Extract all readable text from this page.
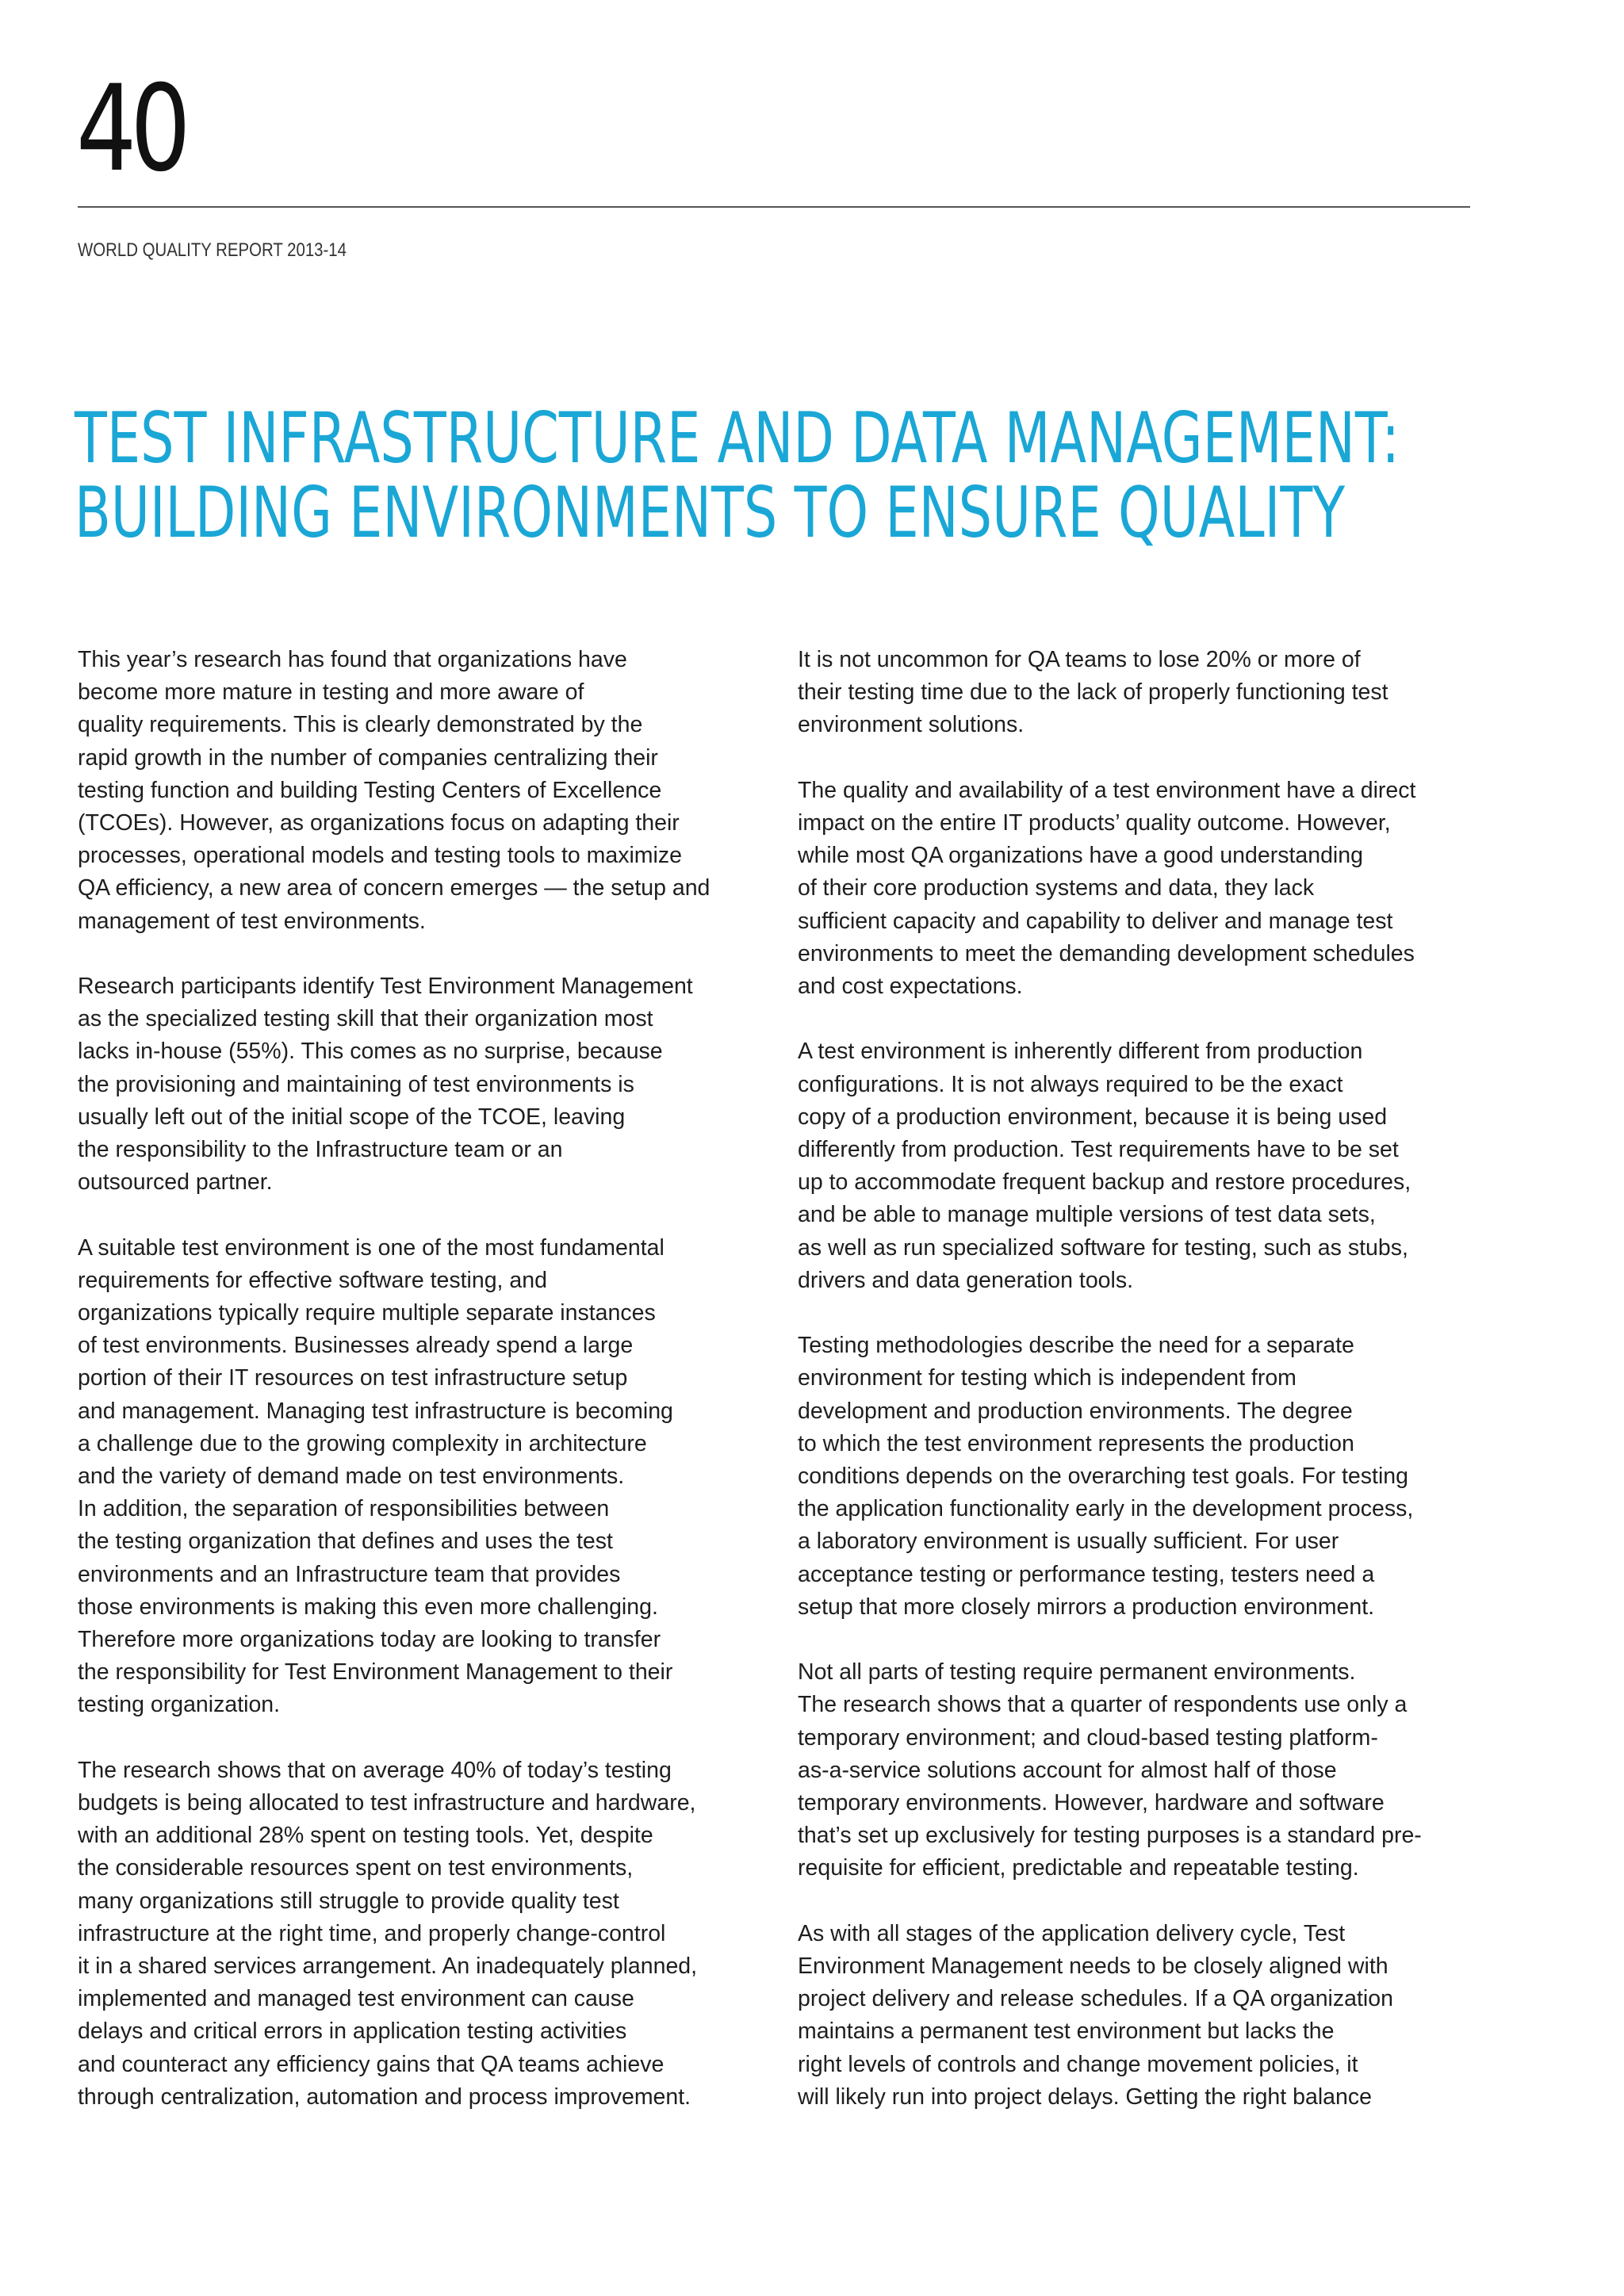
40
WORLD QUALITY REPORT 2013-14
TEST INFRASTRUCTURE AND DATA MANAGEMENT:
BUILDING ENVIRONMENTS TO ENSURE QUALITY

This year’s research has found that organizations have
become more mature in testing and more aware of
quality requirements. This is clearly demonstrated by the
rapid growth in the number of companies centralizing their
testing function and building Testing Centers of Excellence
(TCOEs). However, as organizations focus on adapting their
processes, operational models and testing tools to maximize
QA efficiency, a new area of concern emerges — the setup and
management of test environments.

Research participants identify Test Environment Management
as the specialized testing skill that their organization most
lacks in-house (55%). This comes as no surprise, because
the provisioning and maintaining of test environments is
usually left out of the initial scope of the TCOE, leaving
the responsibility to the Infrastructure team or an
outsourced partner.

A suitable test environment is one of the most fundamental
requirements for effective software testing, and
organizations typically require multiple separate instances
of test environments. Businesses already spend a large
portion of their IT resources on test infrastructure setup
and management. Managing test infrastructure is becoming
a challenge due to the growing complexity in architecture
and the variety of demand made on test environments.
In addition, the separation of responsibilities between
the testing organization that defines and uses the test
environments and an Infrastructure team that provides
those environments is making this even more challenging.
Therefore more organizations today are looking to transfer
the responsibility for Test Environment Management to their
testing organization.

The research shows that on average 40% of today’s testing
budgets is being allocated to test infrastructure and hardware,
with an additional 28% spent on testing tools. Yet, despite
the considerable resources spent on test environments,
many organizations still struggle to provide quality test
infrastructure at the right time, and properly change-control
it in a shared services arrangement. An inadequately planned,
implemented and managed test environment can cause
delays and critical errors in application testing activities
and counteract any efficiency gains that QA teams achieve
through centralization, automation and process improvement.

It is not uncommon for QA teams to lose 20% or more of
their testing time due to the lack of properly functioning test
environment solutions.

The quality and availability of a test environment have a direct
impact on the entire IT products’ quality outcome. However,
while most QA organizations have a good understanding
of their core production systems and data, they lack
sufficient capacity and capability to deliver and manage test
environments to meet the demanding development schedules
and cost expectations.

A test environment is inherently different from production
configurations. It is not always required to be the exact
copy of a production environment, because it is being used
differently from production. Test requirements have to be set
up to accommodate frequent backup and restore procedures,
and be able to manage multiple versions of test data sets,
as well as run specialized software for testing, such as stubs,
drivers and data generation tools.

Testing methodologies describe the need for a separate
environment for testing which is independent from
development and production environments. The degree
to which the test environment represents the production
conditions depends on the overarching test goals. For testing
the application functionality early in the development process,
a laboratory environment is usually sufficient. For user
acceptance testing or performance testing, testers need a
setup that more closely mirrors a production environment.

Not all parts of testing require permanent environments.
The research shows that a quarter of respondents use only a
temporary environment; and cloud-based testing platform-
as-a-service solutions account for almost half of those
temporary environments. However, hardware and software
that’s set up exclusively for testing purposes is a standard pre-
requisite for efficient, predictable and repeatable testing.

As with all stages of the application delivery cycle, Test
Environment Management needs to be closely aligned with
project delivery and release schedules. If a QA organization
maintains a permanent test environment but lacks the
right levels of controls and change movement policies, it
will likely run into project delays. Getting the right balance
